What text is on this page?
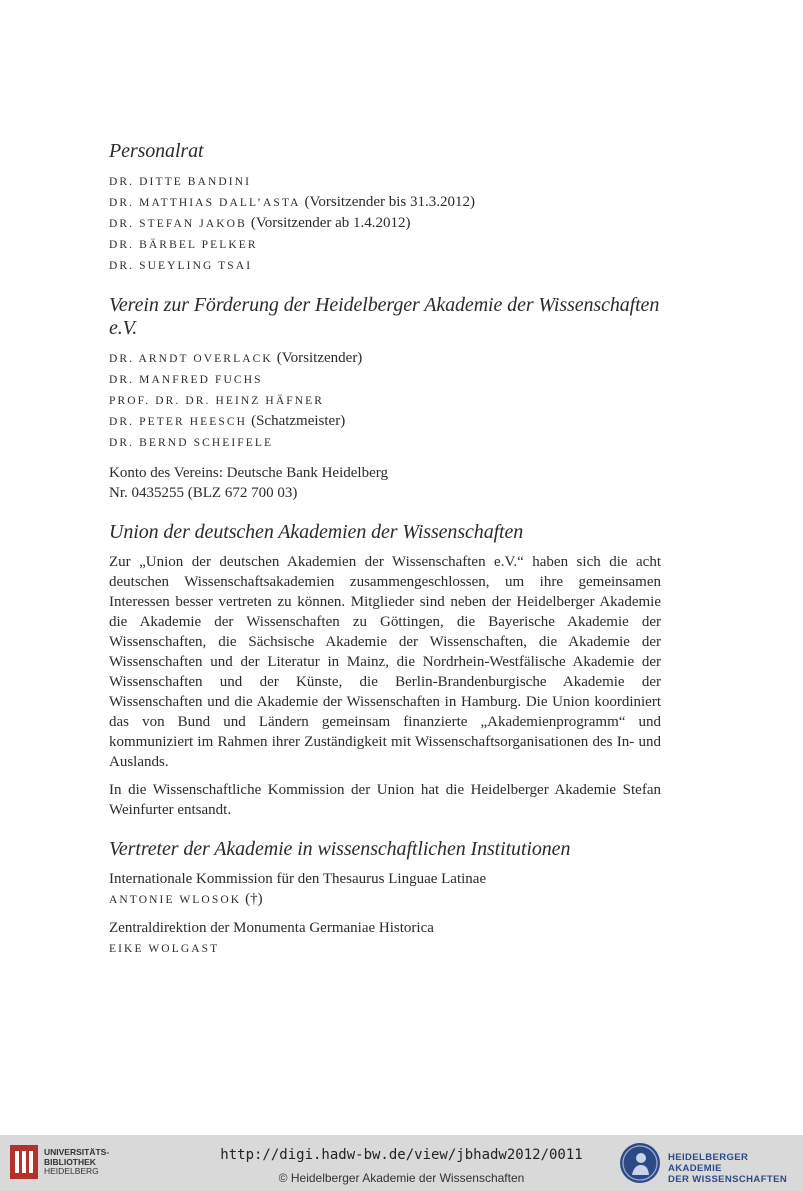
Personalrat
DR. DITTE BANDINI
DR. MATTHIAS DALL’ASTA (Vorsitzender bis 31.3.2012)
DR. STEFAN JAKOB (Vorsitzender ab 1.4.2012)
DR. BÄRBEL PELKER
DR. SUEYLING TSAI
Verein zur Förderung der Heidelberger Akademie der Wissenschaften e.V.
DR. ARNDT OVERLACK (Vorsitzender)
DR. MANFRED FUCHS
PROF. DR. DR. HEINZ HÄFNER
DR. PETER HEESCH (Schatzmeister)
DR. BERND SCHEIFELE

Konto des Vereins: Deutsche Bank Heidelberg

Nr. 0435255 (BLZ 672 700 03)

Union der deutschen Akademien der Wissenschaften

Zur „Union der deutschen Akademien der Wissenschaften e.V.“ haben sich die acht deutschen Wissenschaftsakademien zusammengeschlossen, um ihre gemeinsamen Interessen besser vertreten zu können. Mitglieder sind neben der Heidelberger Akademie die Akademie der Wissenschaften zu Göttingen, die Bayerische Akademie der Wissenschaften, die Sächsische Akademie der Wissenschaften, die Akademie der Wissenschaften und der Literatur in Mainz, die Nordrhein-Westfälische Akademie der Wissenschaften und der Künste, die Berlin-Brandenburgische Akademie der Wissenschaften und die Akademie der Wissenschaften in Hamburg. Die Union koordiniert das von Bund und Ländern gemeinsam finanzierte „Akademienprogramm“ und kommuniziert im Rahmen ihrer Zuständigkeit mit Wissenschaftsorganisationen des In- und Auslands.

In die Wissenschaftliche Kommission der Union hat die Heidelberger Akademie Stefan Weinfurter entsandt.

Vertreter der Akademie in wissenschaftlichen Institutionen

Internationale Kommission für den Thesaurus Linguae Latinae

ANTONIE WLOSOK (†)

Zentraldirektion der Monumenta Germaniae Historica

EIKE WOLGAST
UNIVERSITÄTS-
BIBLIOTHEK
HEIDELBERG
http://digi.hadw-bw.de/view/jbhadw2012/0011
© Heidelberger Akademie der Wissenschaften
HEIDELBERGER AKADEMIE
DER WISSENSCHAFTEN
